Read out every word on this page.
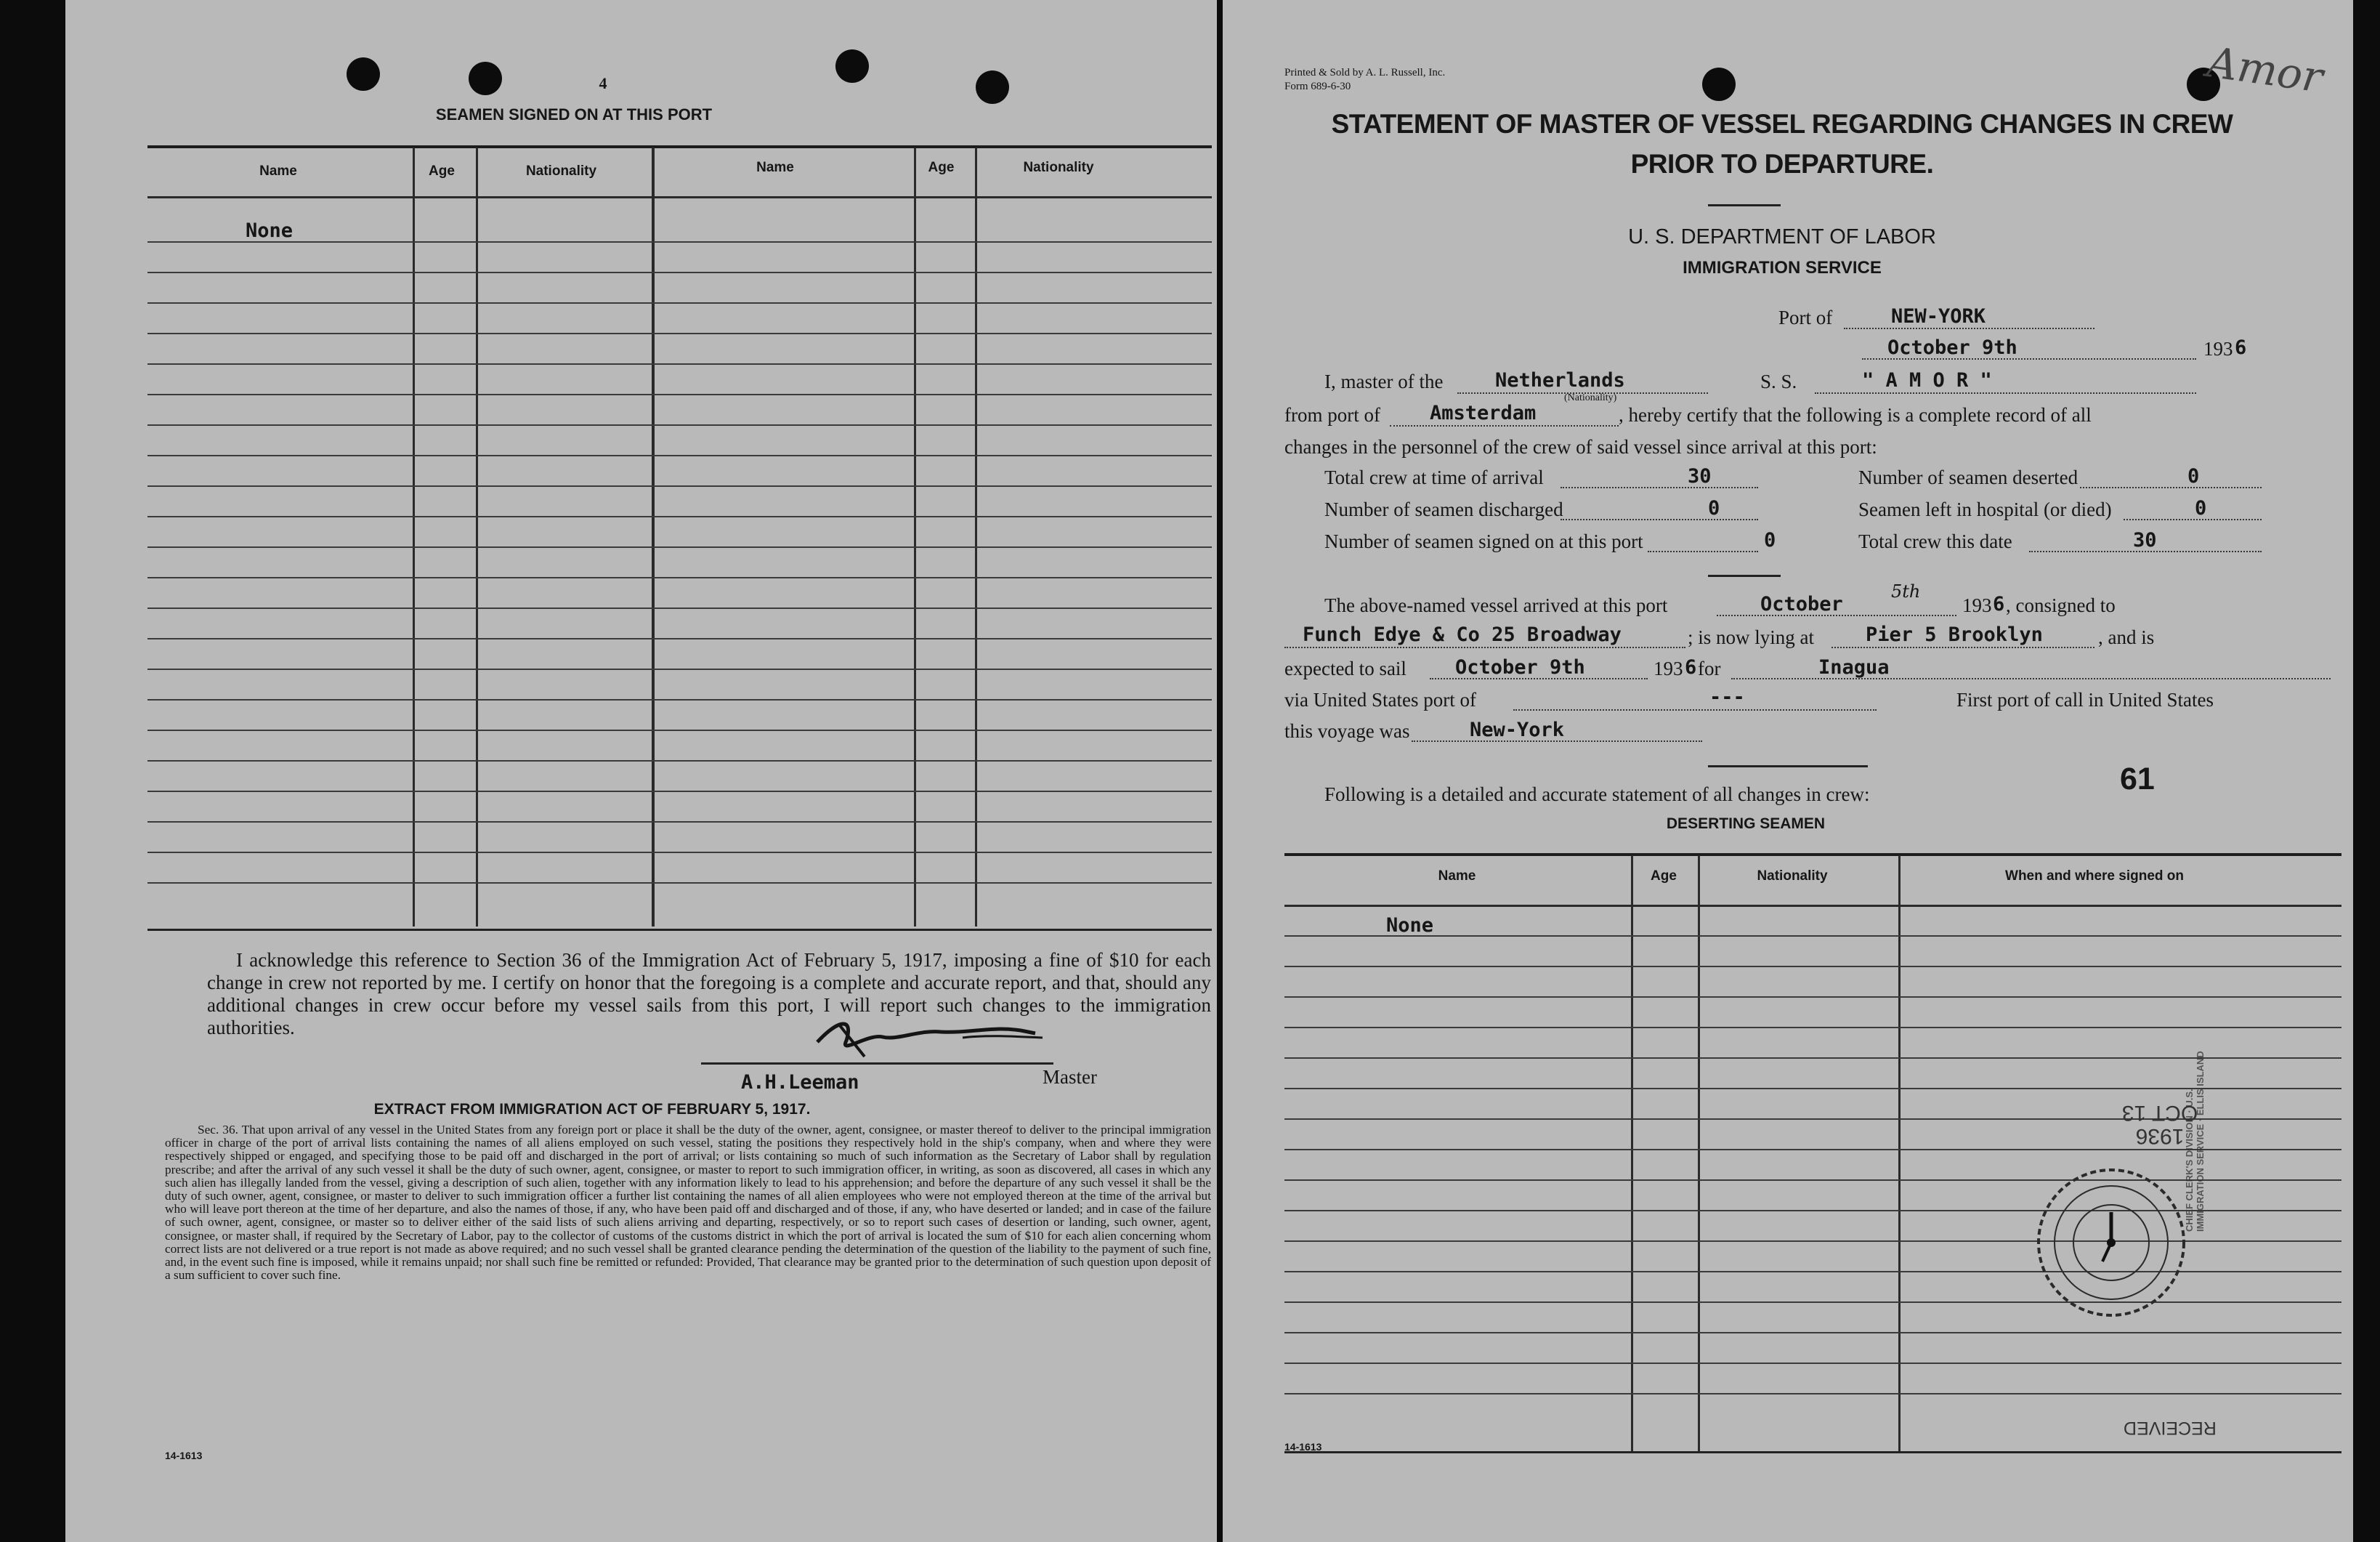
4
SEAMEN SIGNED ON AT THIS PORT
Name	Age	Nationality	Name	Age	Nationality
None
I acknowledge this reference to Section 36 of the Immigration Act of February 5, 1917, imposing a fine of $10 for each change in crew not reported by me. I certify on honor that the foregoing is a complete and accurate report, and that, should any additional changes in crew occur before my vessel sails from this port, I will report such changes to the immigration authorities.
A.H.Leeman	Master
EXTRACT FROM IMMIGRATION ACT OF FEBRUARY 5, 1917.
Sec. 36. That upon arrival of any vessel in the United States from any foreign port or place it shall be the duty of the owner, agent, consignee, or master thereof to deliver to the principal immigration officer in charge of the port of arrival lists containing the names of all aliens employed on such vessel, stating the positions they respectively hold in the ship's company, when and where they were respectively shipped or engaged, and specifying those to be paid off and discharged in the port of arrival; or lists containing so much of such information as the Secretary of Labor shall by regulation prescribe; and after the arrival of any such vessel it shall be the duty of such owner, agent, consignee, or master to report to such immigration officer, in writing, as soon as discovered, all cases in which any such alien has illegally landed from the vessel, giving a description of such alien, together with any information likely to lead to his apprehension; and before the departure of any such vessel it shall be the duty of such owner, agent, consignee, or master to deliver to such immigration officer a further list containing the names of all alien employees who were not employed thereon at the time of the arrival but who will leave port thereon at the time of her departure, and also the names of those, if any, who have been paid off and discharged and of those, if any, who have deserted or landed; and in case of the failure of such owner, agent, consignee, or master so to deliver either of the said lists of such aliens arriving and departing, respectively, or so to report such cases of desertion or landing, such owner, agent, consignee, or master shall, if required by the Secretary of Labor, pay to the collector of customs of the customs district in which the port of arrival is located the sum of $10 for each alien concerning whom correct lists are not delivered or a true report is not made as above required; and no such vessel shall be granted clearance pending the determination of the question of the liability to the payment of such fine, and, in the event such fine is imposed, while it remains unpaid; nor shall such fine be remitted or refunded: Provided, That clearance may be granted prior to the determination of such question upon deposit of a sum sufficient to cover such fine.
14-1613
Printed & Sold by A. L. Russell, Inc.
Form 689-6-30	Amor
STATEMENT OF MASTER OF VESSEL REGARDING CHANGES IN CREW
PRIOR TO DEPARTURE.
U. S. DEPARTMENT OF LABOR
IMMIGRATION SERVICE
Port of	NEW-YORK
October 9th	193 6
I, master of the	Netherlands
(Nationality)
S. S.	" A M O R "
from port of	Amsterdam	, hereby certify that the following is a complete record of all
changes in the personnel of the crew of said vessel since arrival at this port:
Total crew at time of arrival	30	Number of seamen deserted	0
Number of seamen discharged	0	Seamen left in hospital (or died)	0
Number of seamen signed on at this port	0	Total crew this date	30
The above-named vessel arrived at this port	October
5th
193 6 , consigned to
Funch Edye & Co 25 Broadway	; is now lying at	Pier 5 Brooklyn	, and is
expected to sail October 9th	193 6 for	Inagua
via United States port of	---	First port of call in United States
this voyage was	New-York
Following is a detailed and accurate statement of all changes in crew:	61
DESERTING SEAMEN
Name	Age	Nationality	When and where signed on
None
CHIEF CLERK'S DIVISION · U.S. IMMIGRATION SERVICE · ELLIS ISLAND
1936 OCT 13
RECEIVED
14-1613
